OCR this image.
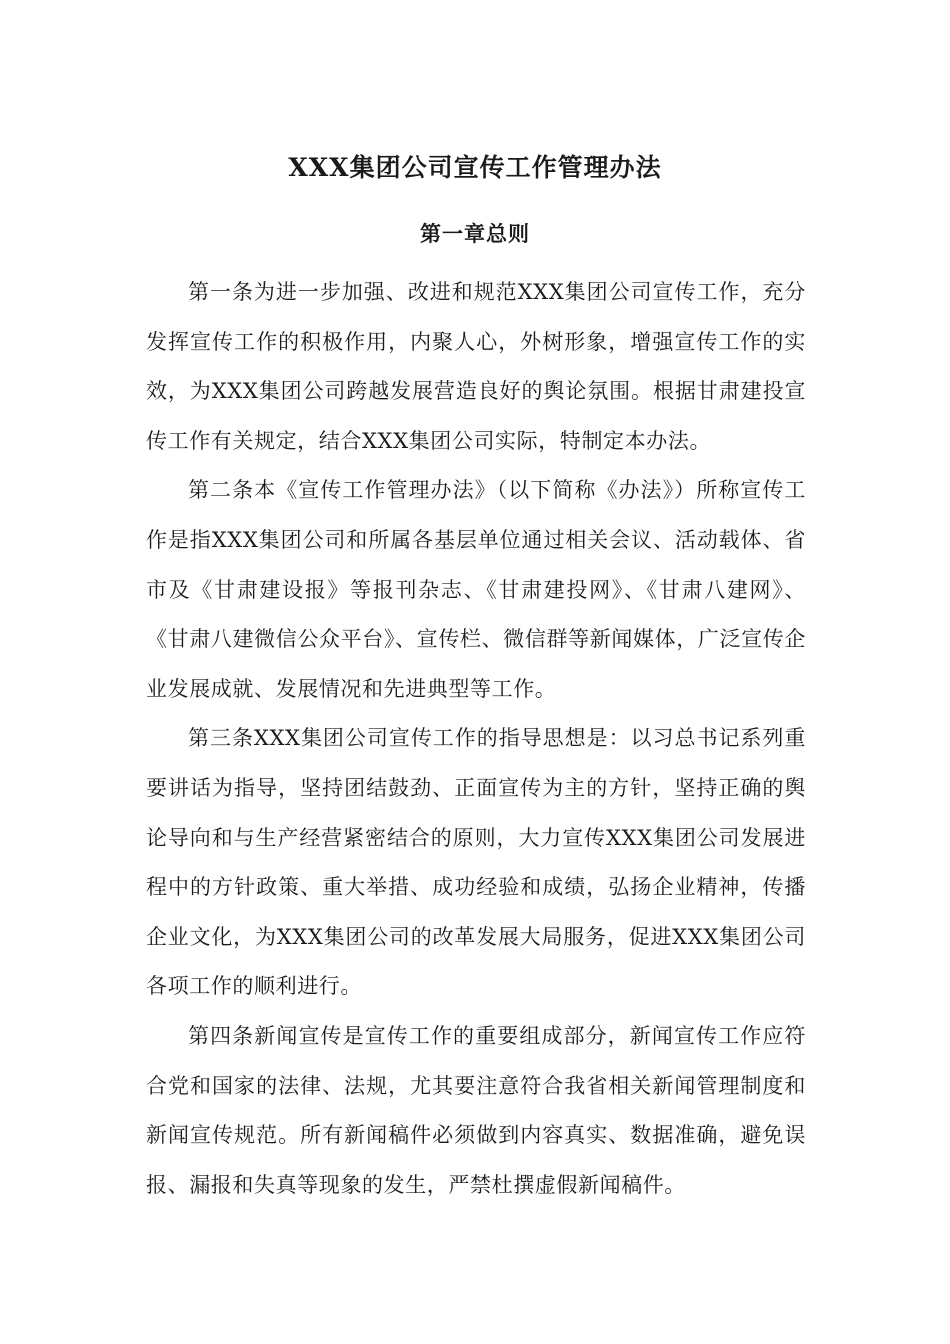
XXX集团公司宣传工作管理办法
第一章总则

第一条为进一步加强、改进和规范XXX集团公司宣传工作，充分发挥宣传工作的积极作用，内聚人心，外树形象，增强宣传工作的实效，为XXX集团公司跨越发展营造良好的舆论氛围。根据甘肃建投宣传工作有关规定，结合XXX集团公司实际，特制定本办法。

第二条本《宣传工作管理办法》（以下简称《办法》）所称宣传工作是指XXX集团公司和所属各基层单位通过相关会议、活动载体、省市及《甘肃建设报》等报刊杂志、《甘肃建投网》、《甘肃八建网》、《甘肃八建微信公众平台》、宣传栏、微信群等新闻媒体，广泛宣传企业发展成就、发展情况和先进典型等工作。

第三条XXX集团公司宣传工作的指导思想是：以习总书记系列重要讲话为指导，坚持团结鼓劲、正面宣传为主的方针，坚持正确的舆论导向和与生产经营紧密结合的原则，大力宣传XXX集团公司发展进程中的方针政策、重大举措、成功经验和成绩，弘扬企业精神，传播企业文化，为XXX集团公司的改革发展大局服务，促进XXX集团公司各项工作的顺利进行。

第四条新闻宣传是宣传工作的重要组成部分，新闻宣传工作应符合党和国家的法律、法规，尤其要注意符合我省相关新闻管理制度和新闻宣传规范。所有新闻稿件必须做到内容真实、数据准确，避免误报、漏报和失真等现象的发生，严禁杜撰虚假新闻稿件。
